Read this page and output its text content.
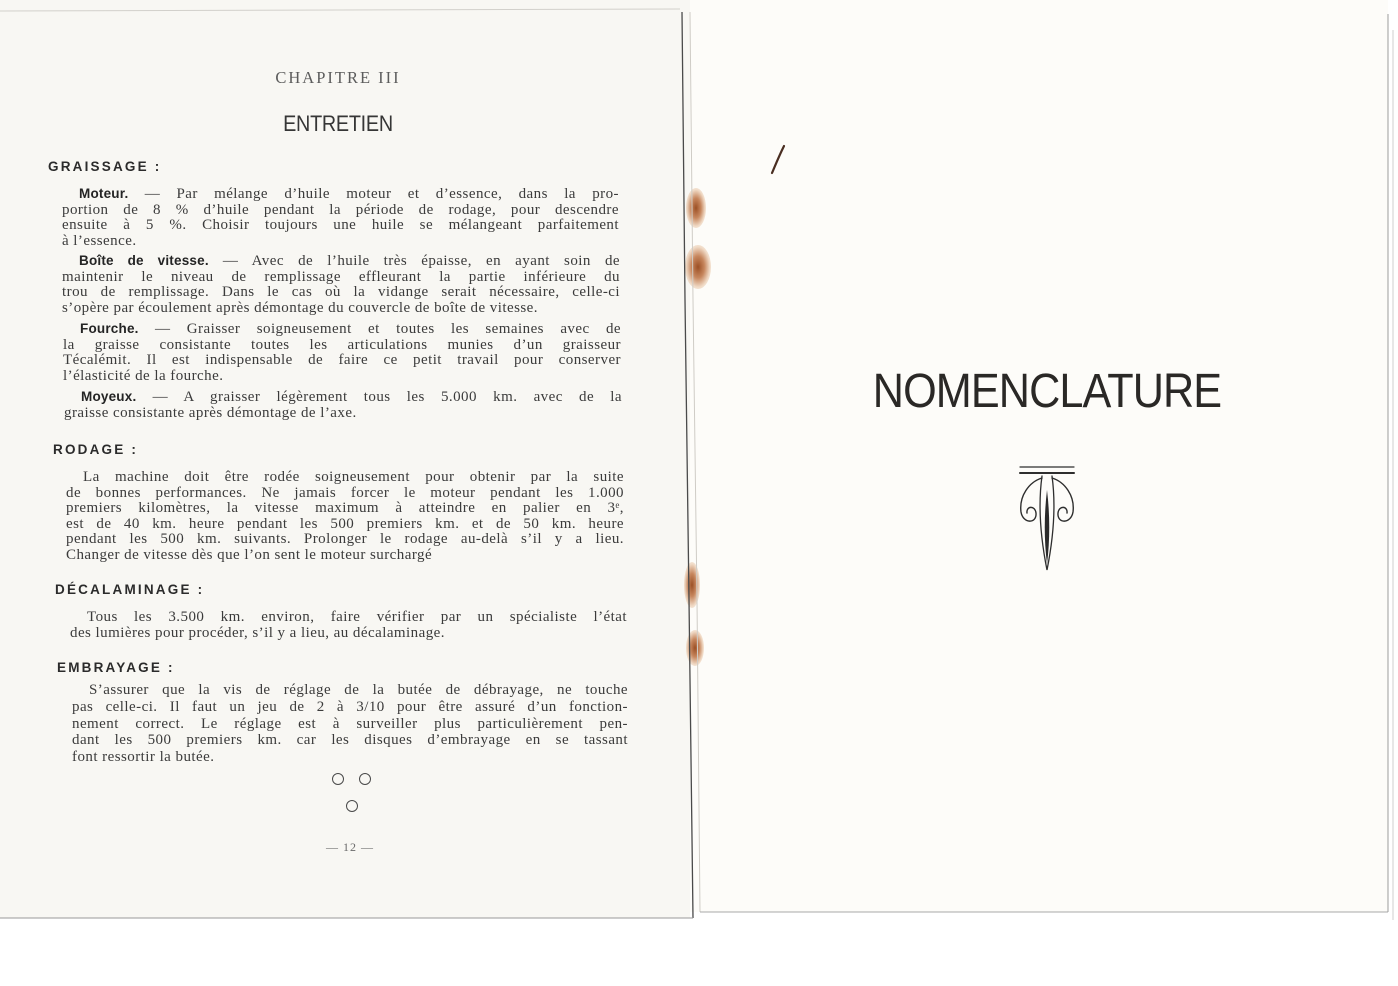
CHAPITRE III
ENTRETIEN
GRAISSAGE :
Moteur. — Par mélange d’huile moteur et d’essence, dans la pro-
portion de 8 % d’huile pendant la période de rodage, pour descendre
ensuite à 5 %. Choisir toujours une huile se mélangeant parfaitement
à l’essence.
Boîte de vitesse. — Avec de l’huile très épaisse, en ayant soin de
maintenir le niveau de remplissage effleurant la partie inférieure du
trou de remplissage. Dans le cas où la vidange serait nécessaire, celle-ci
s’opère par écoulement après démontage du couvercle de boîte de vitesse.
Fourche. — Graisser soigneusement et toutes les semaines avec de
la graisse consistante toutes les articulations munies d’un graisseur
Técalémit. Il est indispensable de faire ce petit travail pour conserver
l’élasticité de la fourche.
Moyeux. — A graisser légèrement tous les 5.000 km. avec de la
graisse consistante après démontage de l’axe.
RODAGE :
La machine doit être rodée soigneusement pour obtenir par la suite
de bonnes performances. Ne jamais forcer le moteur pendant les 1.000
premiers kilomètres, la vitesse maximum à atteindre en palier en 3ᵉ,
est de 40 km. heure pendant les 500 premiers km. et de 50 km. heure
pendant les 500 km. suivants. Prolonger le rodage au-delà s’il y a lieu.
Changer de vitesse dès que l’on sent le moteur surchargé
DÉCALAMINAGE :
Tous les 3.500 km. environ, faire vérifier par un spécialiste l’état
des lumières pour procéder, s’il y a lieu, au décalaminage.
EMBRAYAGE :
S’assurer que la vis de réglage de la butée de débrayage, ne touche
pas celle-ci. Il faut un jeu de 2 à 3/10 pour être assuré d’un fonction-
nement correct. Le réglage est à surveiller plus particulièrement pen-
dant les 500 premiers km. car les disques d’embrayage en se tassant
font ressortir la butée.
— 12 —
NOMENCLATURE
